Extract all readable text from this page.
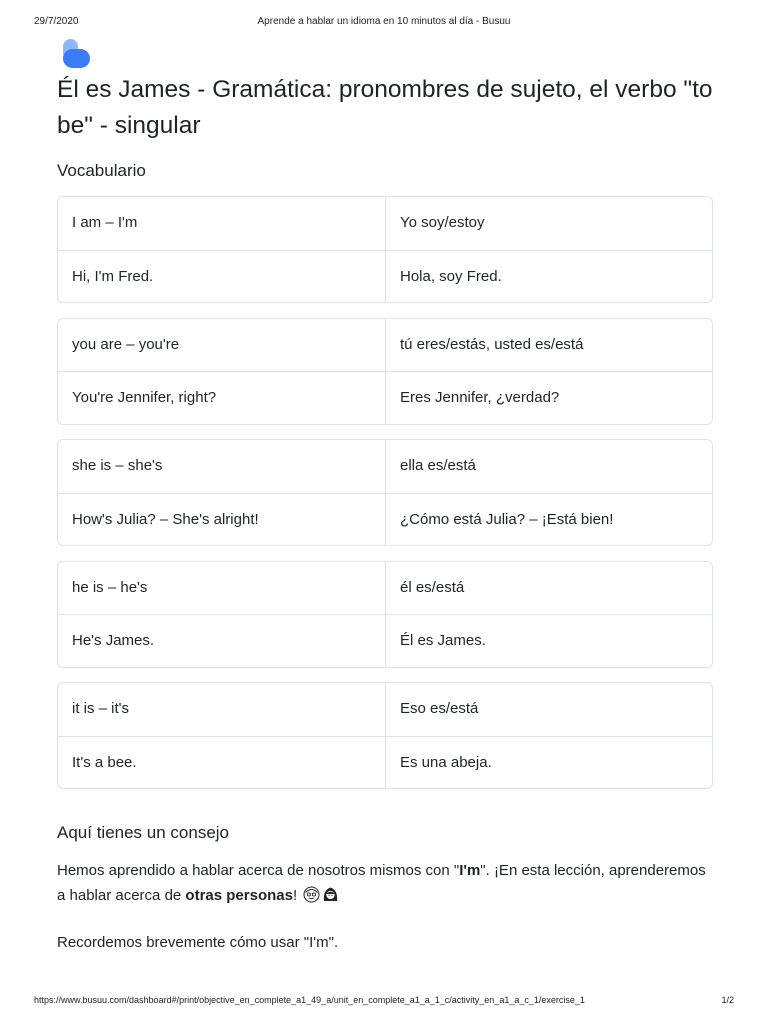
29/7/2020	Aprende a hablar un idioma en 10 minutos al día - Busuu
Él es James - Gramática: pronombres de sujeto, el verbo "to be" - singular
Vocabulario
I am – I'm	Yo soy/estoy
Hi, I'm Fred.	Hola, soy Fred.
you are – you're	tú eres/estás, usted es/está
You're Jennifer, right?	Eres Jennifer, ¿verdad?
she is – she's	ella es/está
How's Julia? – She's alright!	¿Cómo está Julia? – ¡Está bien!
he is – he's	él es/está
He's James.	Él es James.
it is – it's	Eso es/está
It's a bee.	Es una abeja.
Aquí tienes un consejo

Hemos aprendido a hablar acerca de nosotros mismos con "I'm". ¡En esta lección, aprenderemos a hablar acerca de otras personas!

Recordemos brevemente cómo usar "I'm".

https://www.busuu.com/dashboard#/print/objective_en_complete_a1_49_a/unit_en_complete_a1_a_1_c/activity_en_a1_a_c_1/exercise_1	1/2
